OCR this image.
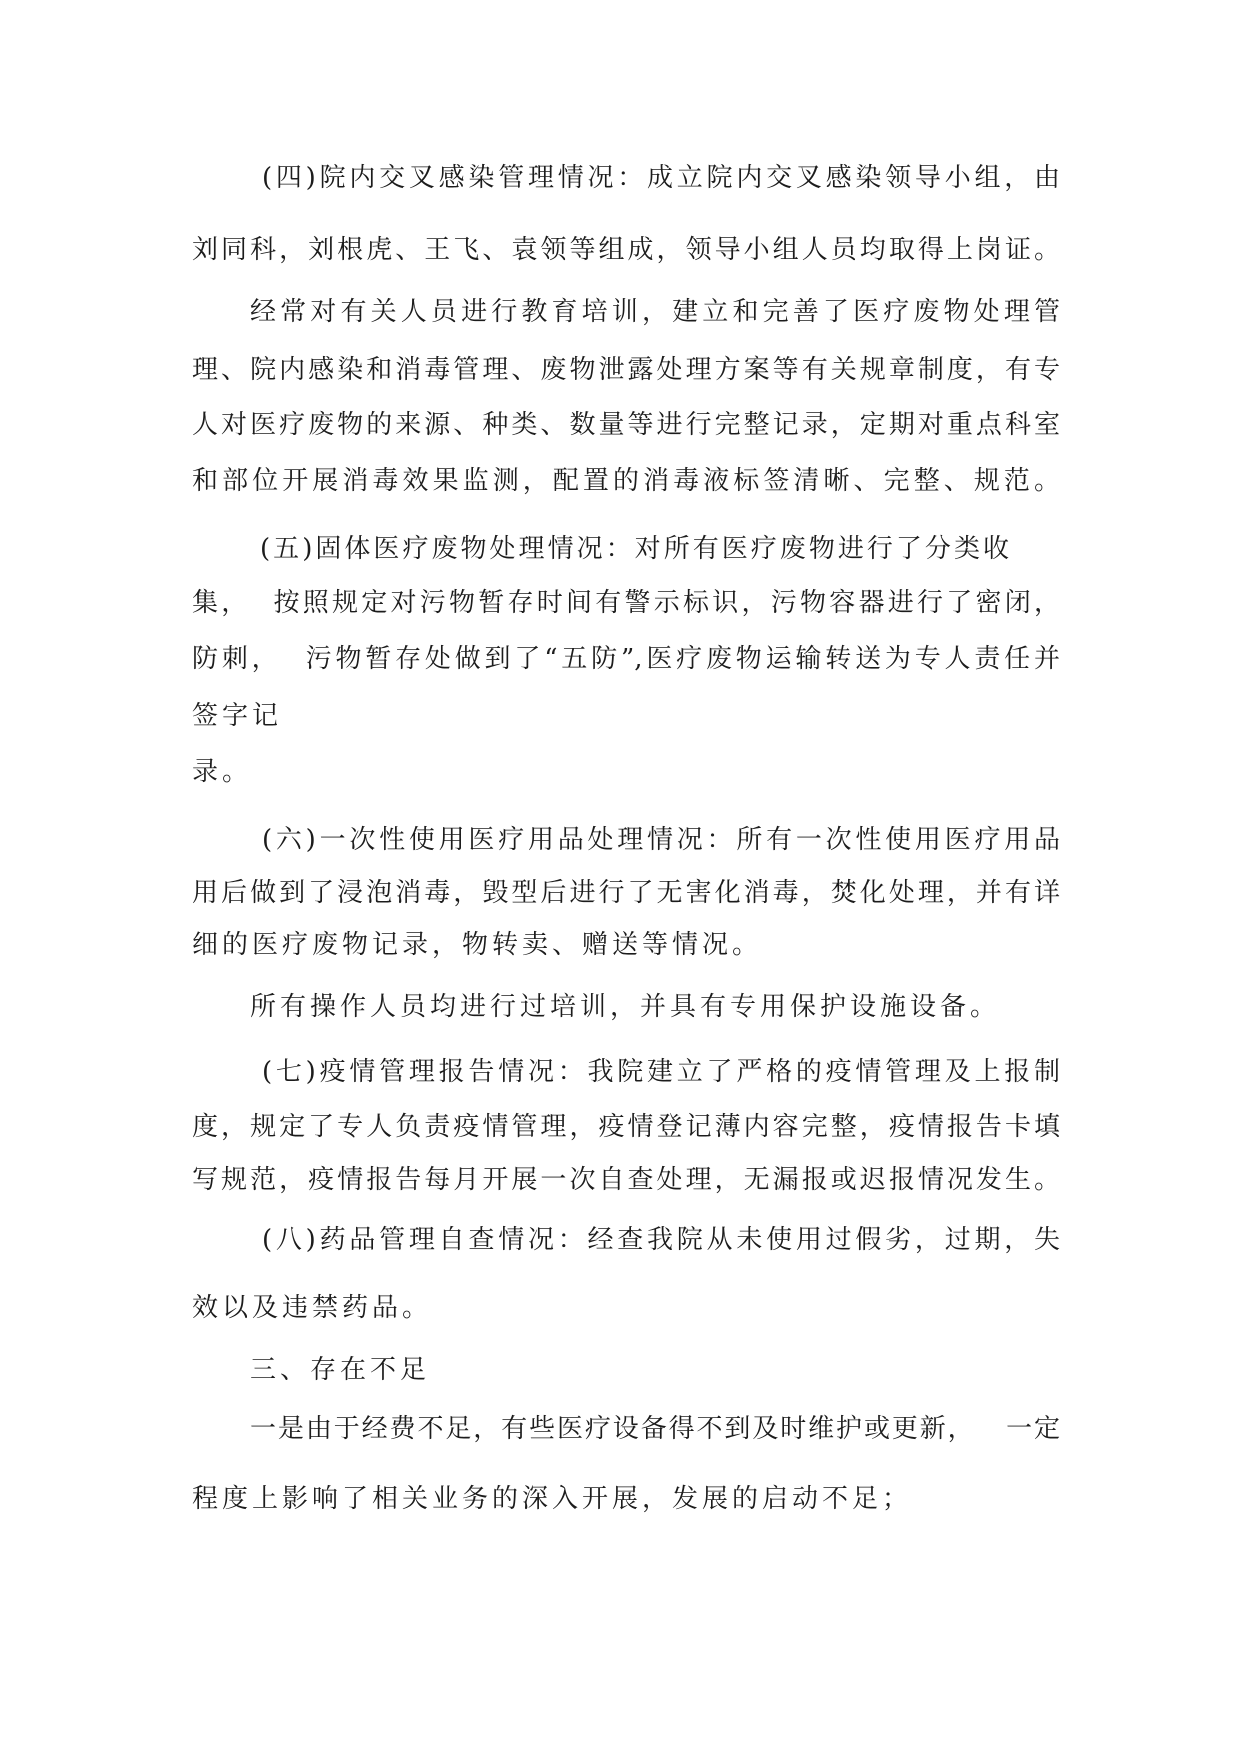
(四)院内交叉感染管理情况：成立院内交叉感染领导小组，由
刘同科，刘根虎、王飞、袁领等组成，领导小组人员均取得上岗证。
经常对有关人员进行教育培训，建立和完善了医疗废物处理管
理、院内感染和消毒管理、废物泄露处理方案等有关规章制度，有专
人对医疗废物的来源、种类、数量等进行完整记录，定期对重点科室
和部位开展消毒效果监测，配置的消毒液标签清晰、完整、规范。
(五)固体医疗废物处理情况：对所有医疗废物进行了分类收
集，  按照规定对污物暂存时间有警示标识，污物容器进行了密闭，
防刺，  污物暂存处做到了“五防”,医疗废物运输转送为专人责任并
签字记
录。
(六)一次性使用医疗用品处理情况：所有一次性使用医疗用品
用后做到了浸泡消毒，毁型后进行了无害化消毒，焚化处理，并有详
细的医疗废物记录，物转卖、赠送等情况。
所有操作人员均进行过培训，并具有专用保护设施设备。
(七)疫情管理报告情况：我院建立了严格的疫情管理及上报制
度，规定了专人负责疫情管理，疫情登记薄内容完整，疫情报告卡填
写规范，疫情报告每月开展一次自查处理，无漏报或迟报情况发生。
(八)药品管理自查情况：经查我院从未使用过假劣，过期，失
效以及违禁药品。
三、存在不足
一是由于经费不足，有些医疗设备得不到及时维护或更新，   一定
程度上影响了相关业务的深入开展，发展的启动不足；
